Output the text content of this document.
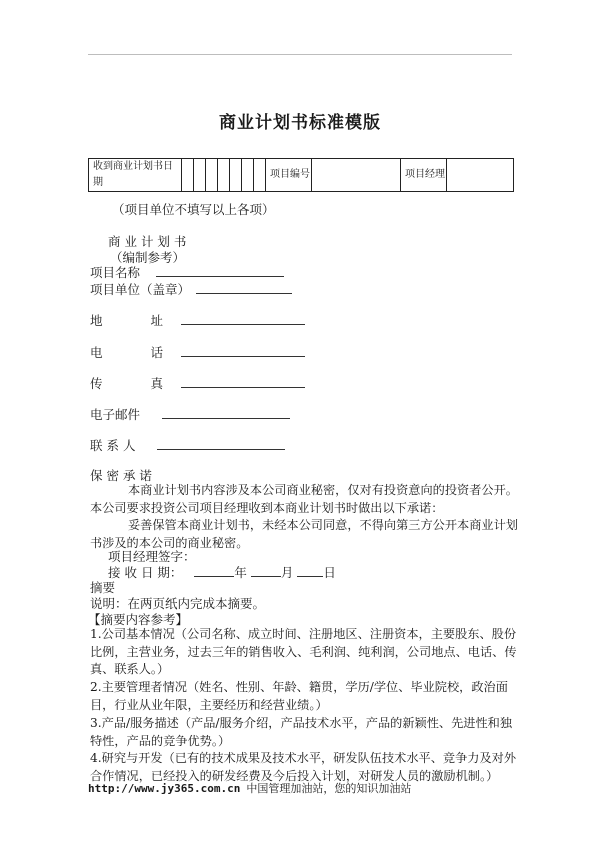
商业计划书标准模版
收到商业计划书日期								项目编号		项目经理	
（项目单位不填写以上各项）
商 业 计 划 书
（编制参考）
项目名称
项目单位（盖章）
地	址
电	话
传	真
电子邮件
联 系 人
保 密 承 诺
本商业计划书内容涉及本公司商业秘密，仅对有投资意向的投资者公开。本公司要求投资公司项目经理收到本商业计划书时做出以下承诺：
妥善保管本商业计划书，未经本公司同意，不得向第三方公开本商业计划书涉及的本公司的商业秘密。
项目经理签字：
接 收 日 期：	年	月 日
摘要
说明：在两页纸内完成本摘要。
【摘要内容参考】
1.公司基本情况（公司名称、成立时间、注册地区、注册资本，主要股东、股份比例，主营业务，过去三年的销售收入、毛利润、纯利润，公司地点、电话、传真、联系人。）
2.主要管理者情况（姓名、性别、年龄、籍贯，学历/学位、毕业院校，政治面目，行业从业年限，主要经历和经营业绩。）
3.产品/服务描述（产品/服务介绍，产品技术水平，产品的新颖性、先进性和独特性，产品的竞争优势。）
4.研究与开发（已有的技术成果及技术水平，研发队伍技术水平、竞争力及对外合作情况，已经投入的研发经费及今后投入计划，对研发人员的激励机制。）
http://www.jy365.com.cn 中国管理加油站，您的知识加油站
